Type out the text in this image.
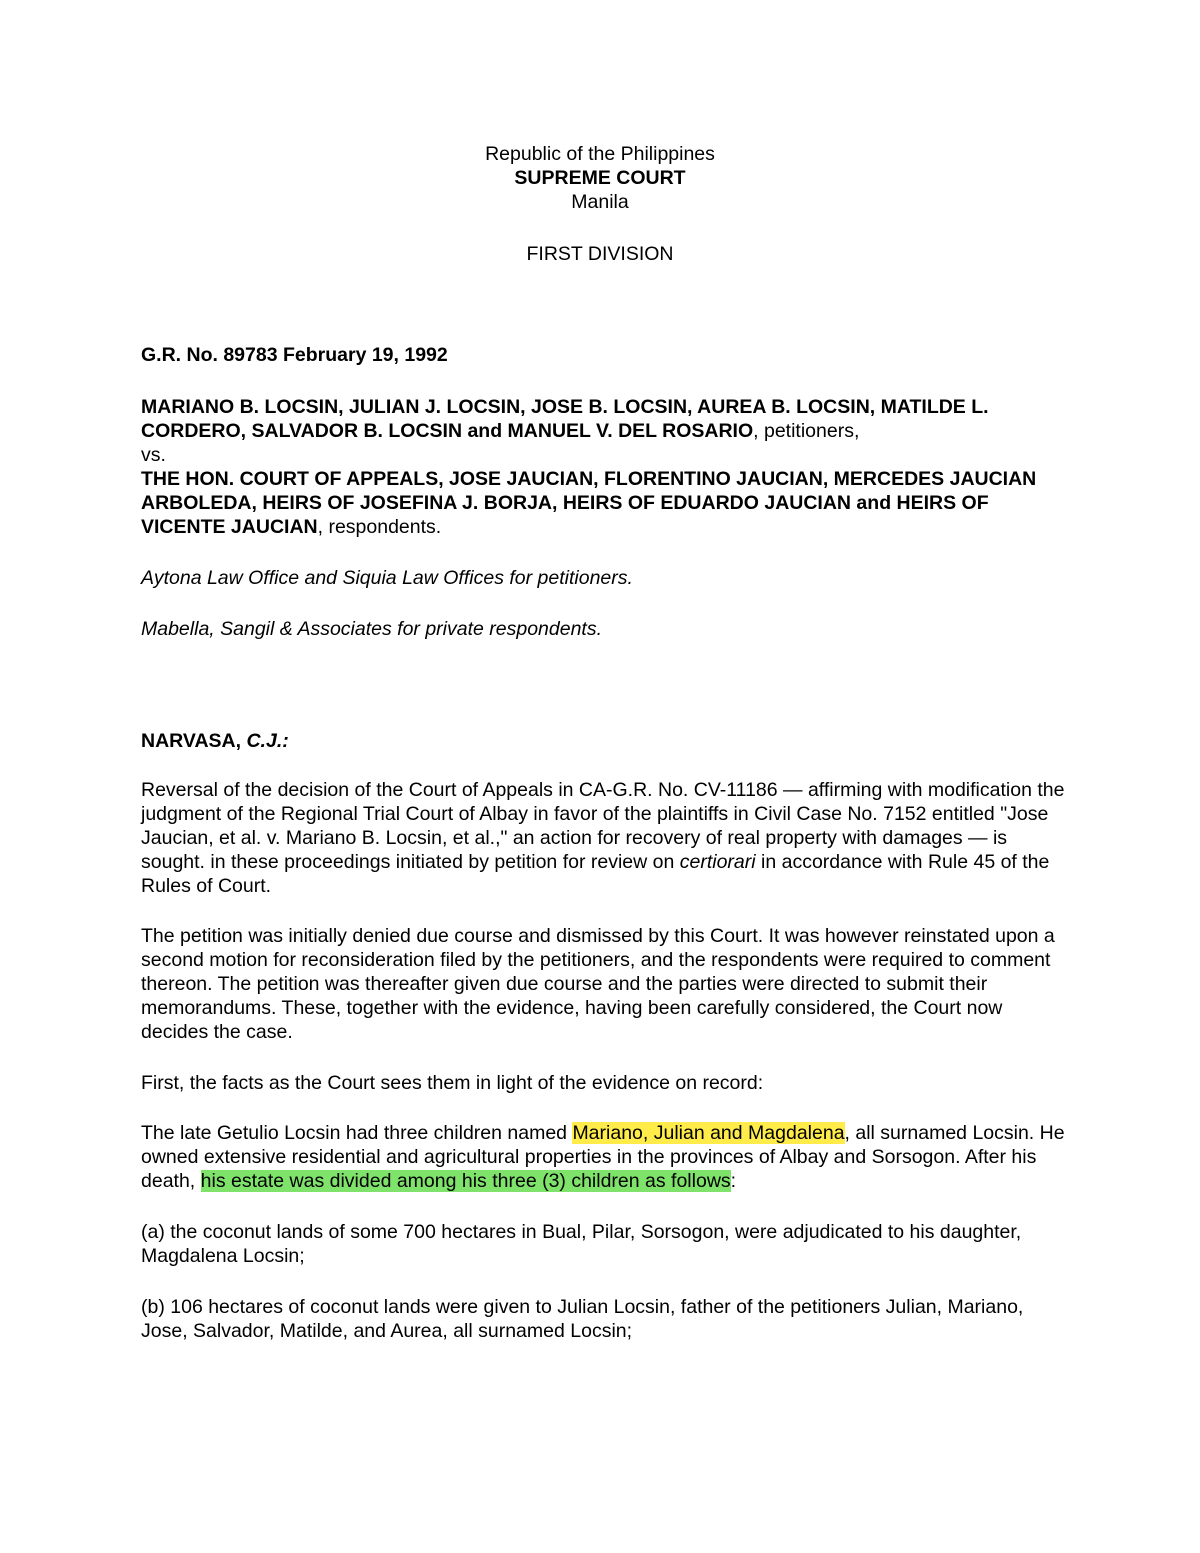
Republic of the Philippines

SUPREME COURT

Manila

FIRST DIVISION

G.R. No. 89783 February 19, 1992

MARIANO B. LOCSIN, JULIAN J. LOCSIN, JOSE B. LOCSIN, AUREA B. LOCSIN, MATILDE L. CORDERO, SALVADOR B. LOCSIN and MANUEL V. DEL ROSARIO, petitioners,

vs.

THE HON. COURT OF APPEALS, JOSE JAUCIAN, FLORENTINO JAUCIAN, MERCEDES JAUCIAN ARBOLEDA, HEIRS OF JOSEFINA J. BORJA, HEIRS OF EDUARDO JAUCIAN and HEIRS OF VICENTE JAUCIAN, respondents.

Aytona Law Office and Siquia Law Offices for petitioners.

Mabella, Sangil & Associates for private respondents.

NARVASA, C.J.:

Reversal of the decision of the Court of Appeals in CA-G.R. No. CV-11186 — affirming with modification the judgment of the Regional Trial Court of Albay in favor of the plaintiffs in Civil Case No. 7152 entitled "Jose Jaucian, et al. v. Mariano B. Locsin, et al.," an action for recovery of real property with damages — is sought. in these proceedings initiated by petition for review on certiorari in accordance with Rule 45 of the Rules of Court.

The petition was initially denied due course and dismissed by this Court. It was however reinstated upon a second motion for reconsideration filed by the petitioners, and the respondents were required to comment thereon. The petition was thereafter given due course and the parties were directed to submit their memorandums. These, together with the evidence, having been carefully considered, the Court now decides the case.

First, the facts as the Court sees them in light of the evidence on record:

The late Getulio Locsin had three children named Mariano, Julian and Magdalena, all surnamed Locsin. He owned extensive residential and agricultural properties in the provinces of Albay and Sorsogon. After his death, his estate was divided among his three (3) children as follows:

(a) the coconut lands of some 700 hectares in Bual, Pilar, Sorsogon, were adjudicated to his daughter, Magdalena Locsin;

(b) 106 hectares of coconut lands were given to Julian Locsin, father of the petitioners Julian, Mariano, Jose, Salvador, Matilde, and Aurea, all surnamed Locsin;
